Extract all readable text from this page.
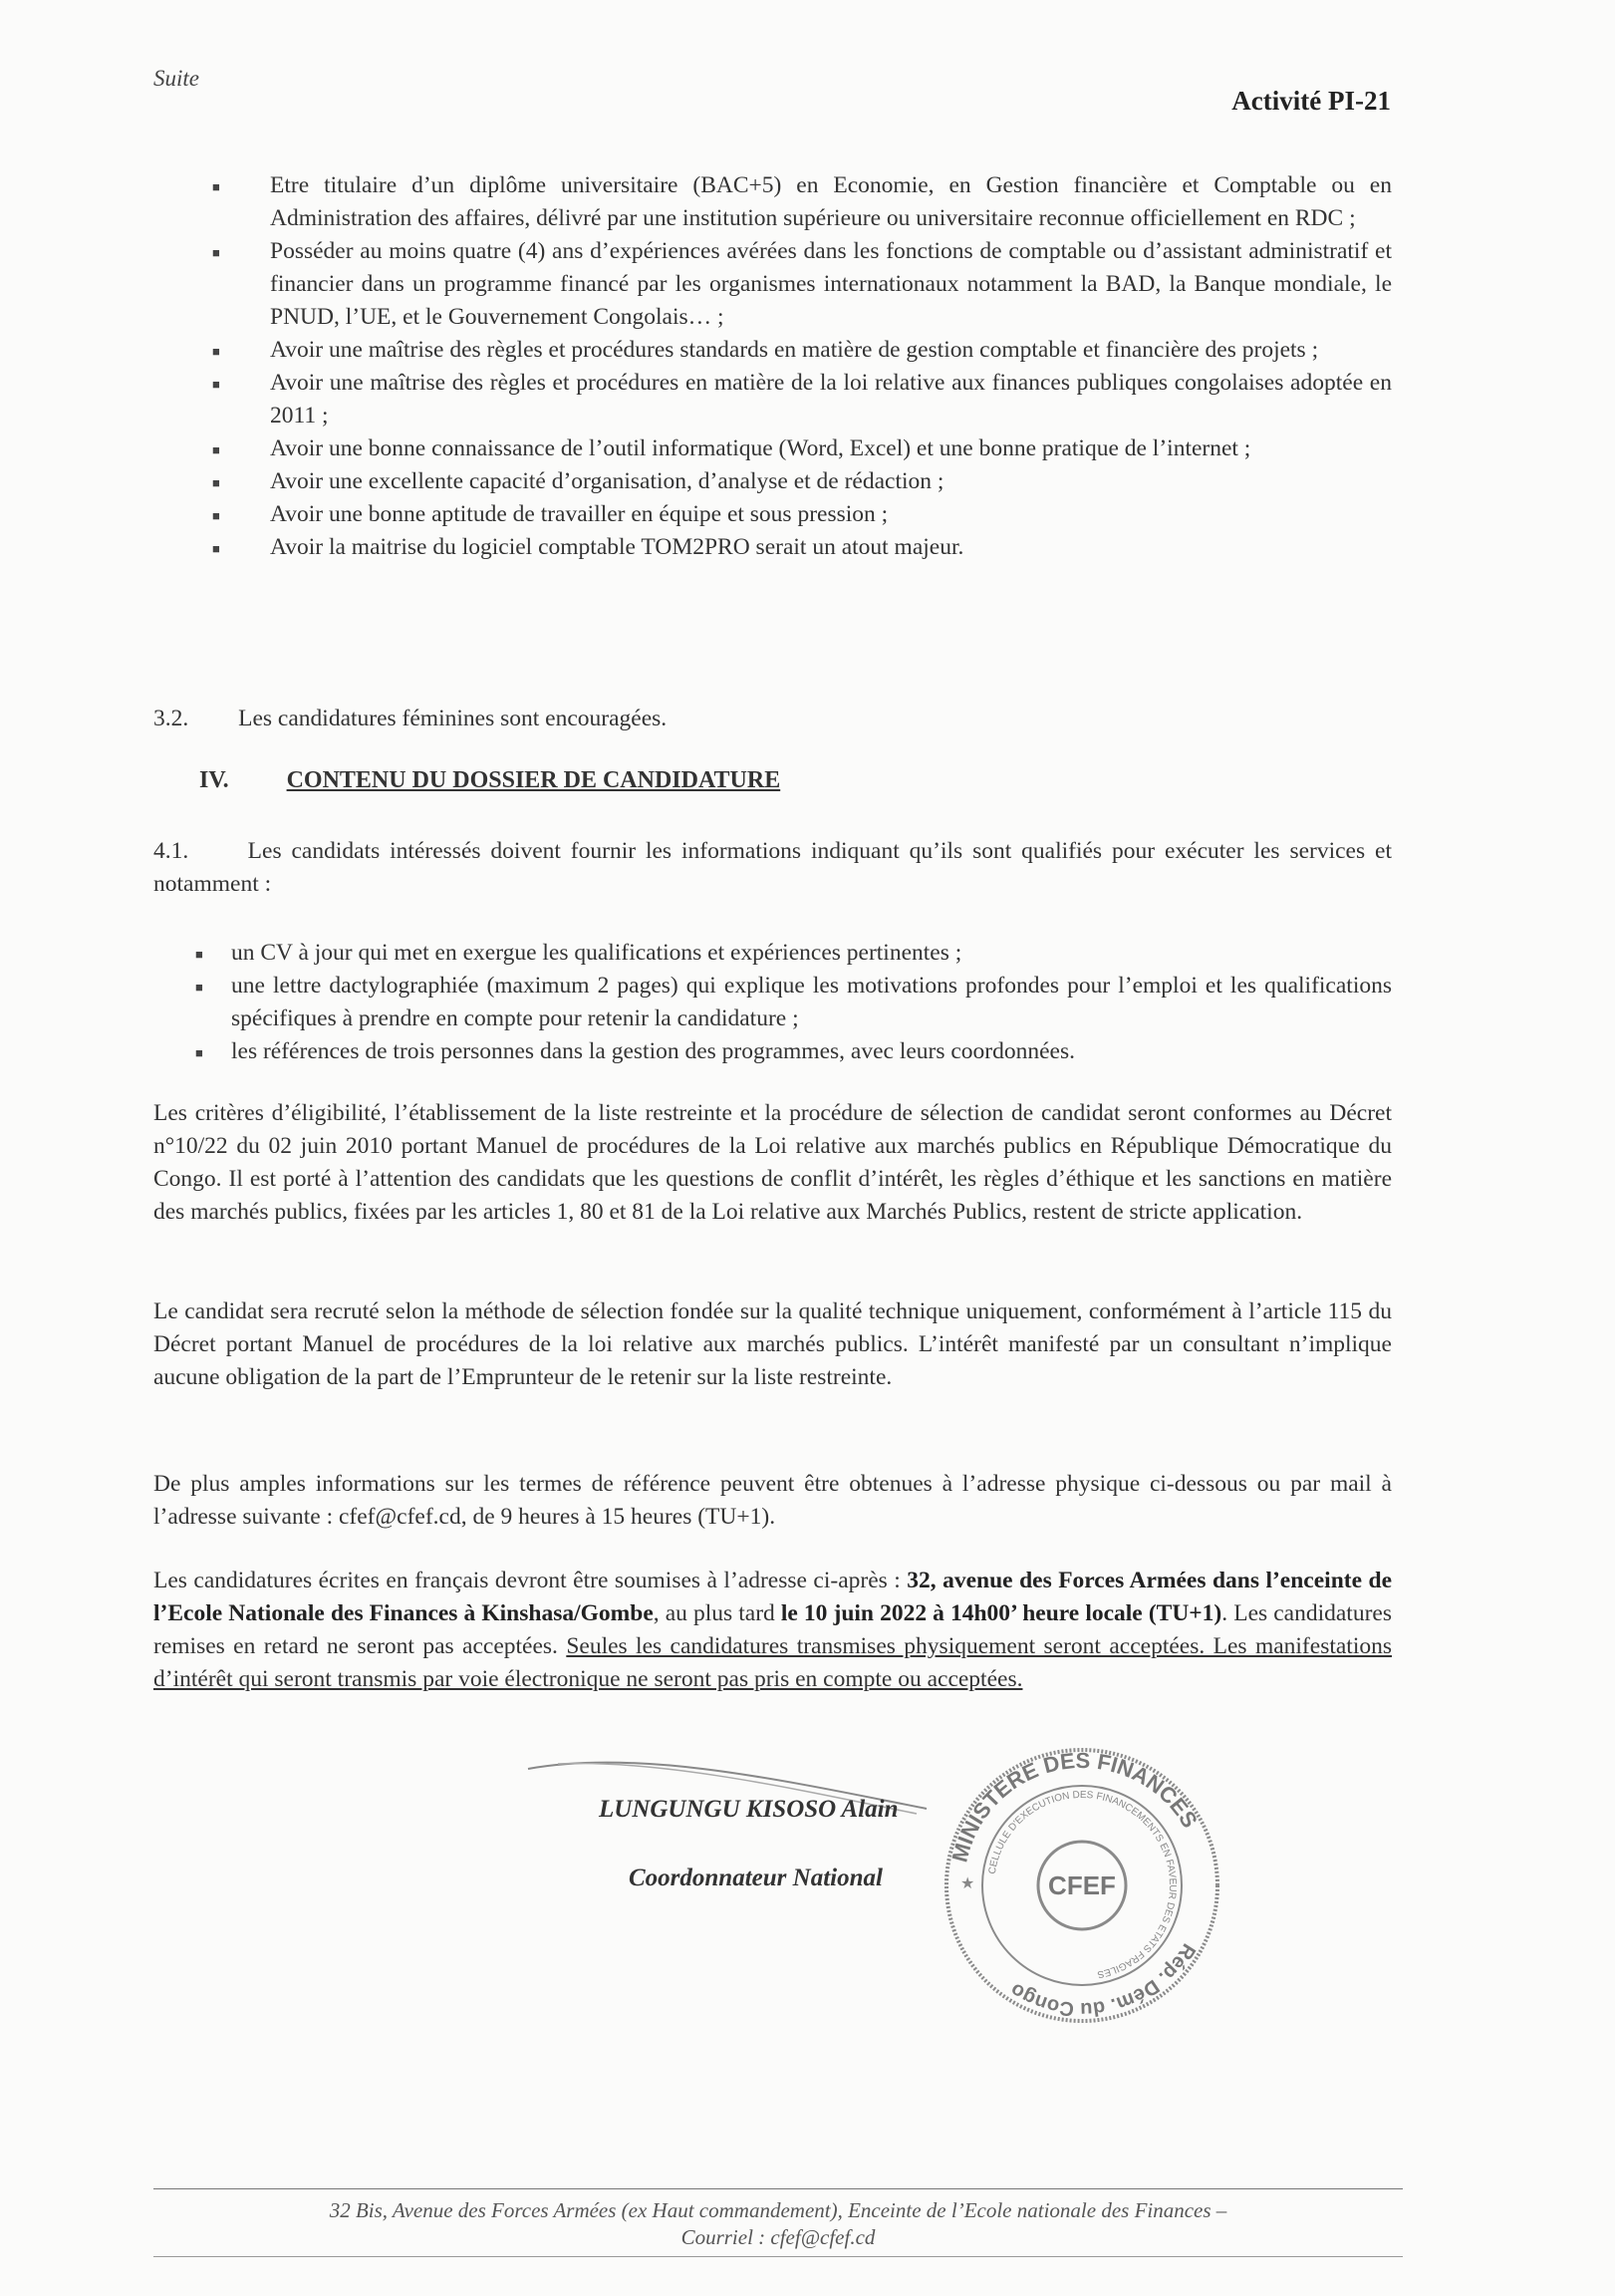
Suite
Activité PI-21
■ Etre titulaire d’un diplôme universitaire (BAC+5) en Economie, en Gestion financière et Comptable ou en Administration des affaires, délivré par une institution supérieure ou universitaire reconnue officiellement en RDC ;
■ Posséder au moins quatre (4) ans d’expériences avérées dans les fonctions de comptable ou d’assistant administratif et financier dans un programme financé par les organismes internationaux notamment la BAD, la Banque mondiale, le PNUD, l’UE, et le Gouvernement Congolais… ;
■ Avoir une maîtrise des règles et procédures standards en matière de gestion comptable et financière des projets ;
■ Avoir une maîtrise des règles et procédures en matière de la loi relative aux finances publiques congolaises adoptée en 2011 ;
■ Avoir une bonne connaissance de l’outil informatique (Word, Excel) et une bonne pratique de l’internet ;
■ Avoir une excellente capacité d’organisation, d’analyse et de rédaction ;
■ Avoir une bonne aptitude de travailler en équipe et sous pression ;
■ Avoir la maitrise du logiciel comptable TOM2PRO serait un atout majeur.
3.2. Les candidatures féminines sont encouragées.
IV. CONTENU DU DOSSIER DE CANDIDATURE
4.1.	Les candidats intéressés doivent fournir les informations indiquant qu’ils sont qualifiés pour exécuter les services et notamment :
■ un CV à jour qui met en exergue les qualifications et expériences pertinentes ;
■ une lettre dactylographiée (maximum 2 pages) qui explique les motivations profondes pour l’emploi et les qualifications spécifiques à prendre en compte pour retenir la candidature ;
■ les références de trois personnes dans la gestion des programmes, avec leurs coordonnées.
Les critères d’éligibilité, l’établissement de la liste restreinte et la procédure de sélection de candidat seront conformes au Décret n°10/22 du 02 juin 2010 portant Manuel de procédures de la Loi relative aux marchés publics en République Démocratique du Congo. Il est porté à l’attention des candidats que les questions de conflit d’intérêt, les règles d’éthique et les sanctions en matière des marchés publics, fixées par les articles 1, 80 et 81 de la Loi relative aux Marchés Publics, restent de stricte application.
Le candidat sera recruté selon la méthode de sélection fondée sur la qualité technique uniquement, conformément à l’article 115 du Décret portant Manuel de procédures de la loi relative aux marchés publics. L’intérêt manifesté par un consultant n’implique aucune obligation de la part de l’Emprunteur de le retenir sur la liste restreinte.
De plus amples informations sur les termes de référence peuvent être obtenues à l’adresse physique ci-dessous ou par mail à l’adresse suivante : cfef@cfef.cd, de 9 heures à 15 heures (TU+1).
Les candidatures écrites en français devront être soumises à l’adresse ci-après : 32, avenue des Forces Armées dans l’enceinte de l’Ecole Nationale des Finances à Kinshasa/Gombe, au plus tard le 10 juin 2022 à 14h00’ heure locale (TU+1). Les candidatures remises en retard ne seront pas acceptées. Seules les candidatures transmises physiquement seront acceptées. Les manifestations d’intérêt qui seront transmis par voie électronique ne seront pas pris en compte ou acceptées.
LUNGUNGU KISOSO Alain
Coordonnateur National
MINISTERE DES FINANCES
Rép. Dém. du Congo
CELLULE D'EXECUTION DES FINANCEMENTS EN FAVEUR DES ETATS FRAGILES
CFEF
★
32 Bis, Avenue des Forces Armées (ex Haut commandement), Enceinte de l’Ecole nationale des Finances –
Courriel : cfef@cfef.cd
